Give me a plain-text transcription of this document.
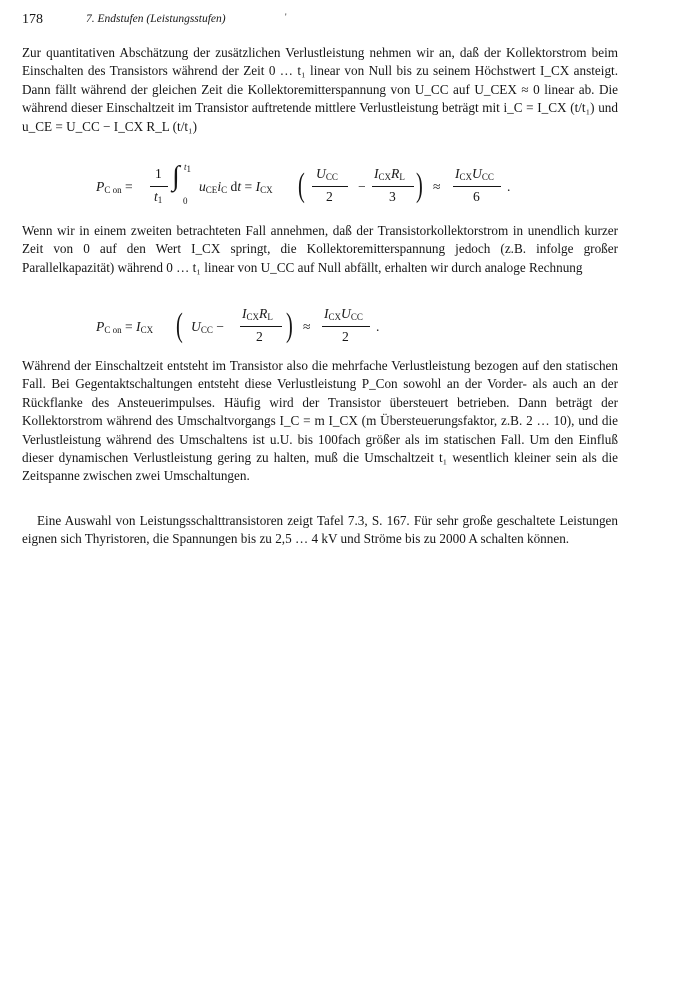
178	7. Endstufen (Leistungsstufen)	'

Zur quantitativen Abschätzung der zusätzlichen Verlustleistung nehmen wir an, daß der Kollektorstrom beim Einschalten des Transistors während der Zeit 0 … t₁ linear von Null bis zu seinem Höchstwert I_CX ansteigt. Dann fällt während der gleichen Zeit die Kollektoremitterspannung von U_CC auf U_CEX ≈ 0 linear ab. Die während dieser Einschaltzeit im Transistor auftretende mittlere Verlustleistung beträgt mit i_C = I_CX (t/t₁) und u_CE = U_CC − I_CX R_L (t/t₁)

$P_{C on}$ =
1
$t_1$
∫ $t_1$
0
$u_{CE}i_C$ dt = $I_{CX}$ ( $U_{CC}$
2
−
$I_{CX}R_L$
3 ) ≈
$I_{CX}U_{CC}$
6
.

Wenn wir in einem zweiten betrachteten Fall annehmen, daß der Transistorkollektorstrom in unendlich kurzer Zeit von 0 auf den Wert I_CX springt, die Kollektoremitterspannung jedoch (z.B. infolge großer Parallelkapazität) während 0 … t₁ linear von U_CC auf Null abfällt, erhalten wir durch analoge Rechnung

$P_{C on} = I_{CX}$ ( $U_{CC}$ −
$I_{CX}R_L$
2 ) ≈
$I_{CX}U_{CC}$
2
.

Während der Einschaltzeit entsteht im Transistor also die mehrfache Verlustleistung bezogen auf den statischen Fall. Bei Gegentaktschaltungen entsteht diese Verlustleistung P_Con sowohl an der Vorder- als auch an der Rückflanke des Ansteuerimpulses. Häufig wird der Transistor übersteuert betrieben. Dann beträgt der Kollektorstrom während des Umschaltvorgangs I_C = m I_CX (m Übersteuerungsfaktor, z.B. 2 … 10), und die Verlustleistung während des Umschaltens ist u.U. bis 100fach größer als im statischen Fall. Um den Einfluß dieser dynamischen Verlustleistung gering zu halten, muß die Umschaltzeit t₁ wesentlich kleiner sein als die Zeitspanne zwischen zwei Umschaltungen.

Eine Auswahl von Leistungsschalttransistoren zeigt Tafel 7.3, S. 167. Für sehr große geschaltete Leistungen eignen sich Thyristoren, die Spannungen bis zu 2,5 … 4 kV und Ströme bis zu 2000 A schalten können.
